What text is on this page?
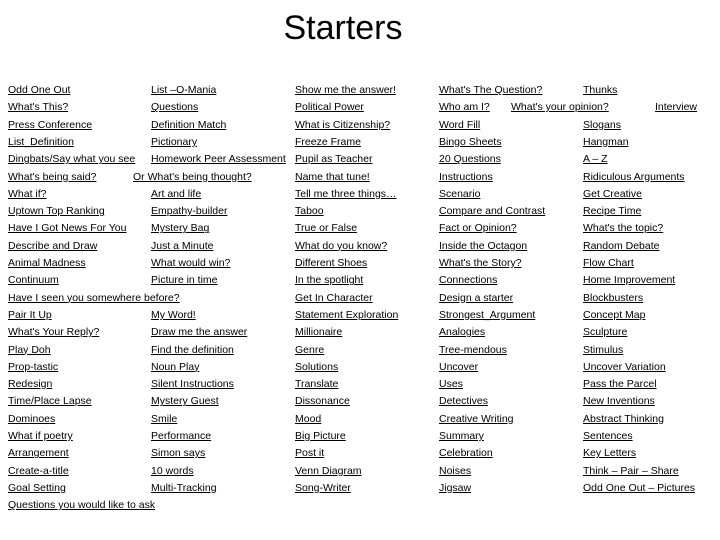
Starters
Odd One Out
What's This?
Press Conference
List_Definition
Dingbats/Say what you see
What's being said?
What if?
Uptown Top Ranking
Have I Got News For You
Describe and Draw
Animal Madness
Continuum
Have I seen you somewhere before?
Pair It Up
What's Your Reply?
Play Doh
Prop-tastic
Redesign
Time/Place Lapse
Dominoes
What if poetry
Arrangement
Create-a-title
Goal Setting
Questions you would like to ask
List –O-Mania
Questions
Definition Match
Pictionary
Homework Peer Assessment
Or What's being thought?
Art and life
Empathy-builder
Mystery Bag
Just a Minute
What would win?
Picture in time
My Word!
Draw me the answer
Find the definition
Noun Play
Silent Instructions
Mystery Guest
Smile
Performance
Simon says
10 words
Multi-Tracking
Show me the answer!
Political Power
What is Citizenship?
Freeze Frame
Pupil as Teacher
Name that tune!
Tell me three things…
Taboo
True or False
What do you know?
Different Shoes
In the spotlight
Get In Character
Statement Exploration
Millionaire
Genre
Solutions
Translate
Dissonance
Mood
Big Picture
Post it
Venn Diagram
Song-Writer
What's The Question?
Who am I?
Word Fill
Bingo Sheets
20 Questions
Instructions
Scenario
Compare and Contrast
Fact or Opinion?
Inside the Octagon
What's the Story?
Connections
Design a starter
Strongest_Argument
Analogies
Tree-mendous
Uncover
Uses
Detectives
Creative Writing
Summary
Celebration
Noises
Jigsaw
Thunks
What's your opinion?
Slogans
Hangman
A – Z
Ridiculous Arguments
Get Creative
Recipe Time
What's the topic?
Random Debate
Flow Chart
Home Improvement
Blockbusters
Concept Map
Sculpture
Stimulus
Uncover Variation
Pass the Parcel
New Inventions
Abstract Thinking
Sentences
Key Letters
Think – Pair – Share
Odd One Out – Pictures
Interview
